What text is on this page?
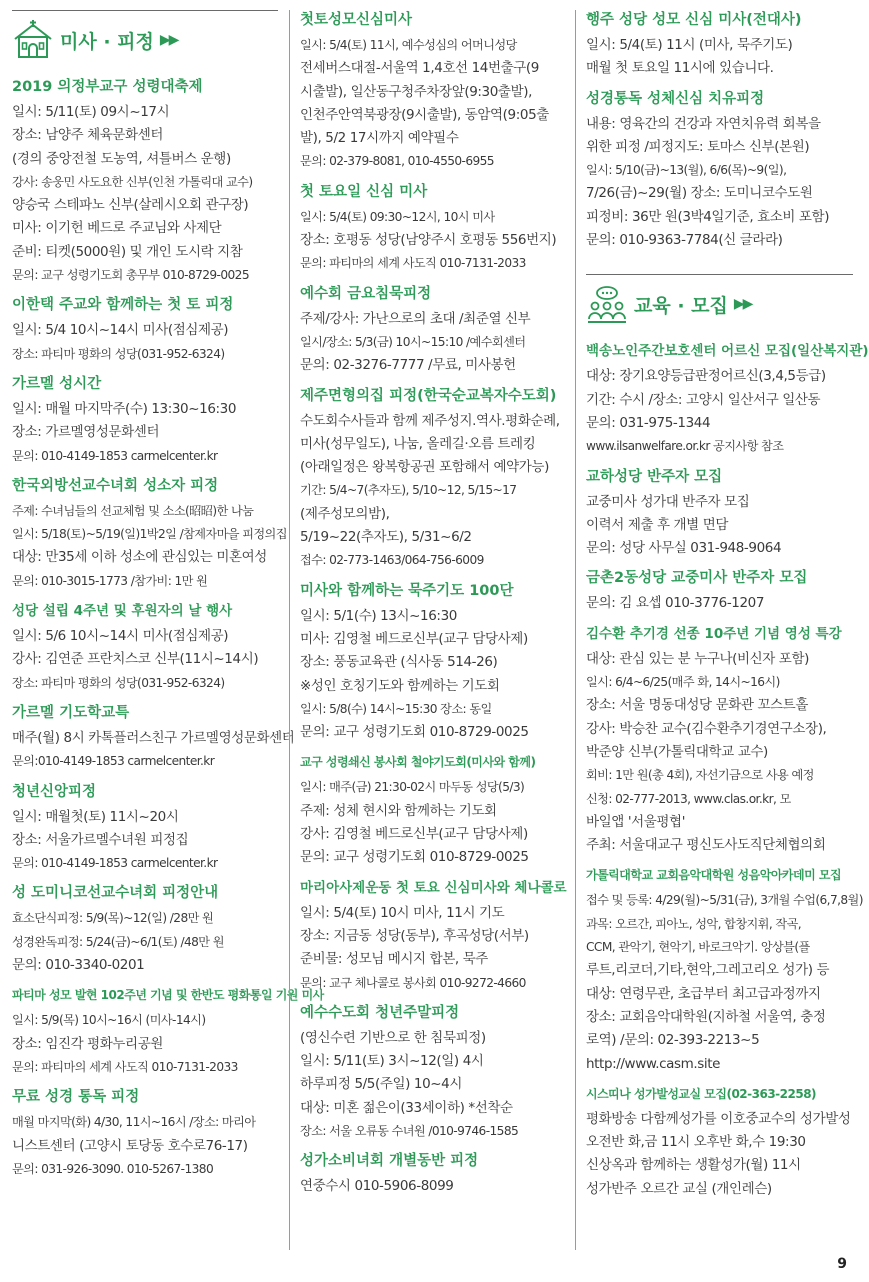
미사 · 피정 ▶▶
2019 의정부교구 성령대축제
일시: 5/11(토) 09시~17시
장소: 남양주 체육문화센터
(경의 중앙전철 도농역, 셔틀버스 운행)
강사: 송웅민 사도요한 신부(인천 가톨릭대 교수)
양승국 스테파노 신부(살레시오회 관구장)
미사: 이기헌 베드로 주교님와 사제단
준비: 티켓(5000원) 및 개인 도시락 지참
문의: 교구 성령기도회 총무부 010-8729-0025
이한택 주교와 함께하는 첫 토 피정
일시: 5/4 10시~14시 미사(점심제공)
장소: 파티마 평화의 성당(031-952-6324)
가르멜 성시간
일시: 매월 마지막주(수) 13:30~16:30
장소: 가르멜영성문화센터
문의: 010-4149-1853 carmelcenter.kr
한국외방선교수녀회 성소자 피정
주제: 수녀님들의 선교체험 및 소소(昭昭)한 나눔
일시: 5/18(토)~5/19(일)1박2일 /참제자마을 피정의집
대상: 만35세 이하 성소에 관심있는 미혼여성
문의: 010-3015-1773 /참가비: 1만 원
성당 설립 4주년 및 후원자의 날 행사
일시: 5/6 10시~14시 미사(점심제공)
강사: 김연준 프란치스코 신부(11시~14시)
장소: 파티마 평화의 성당(031-952-6324)
가르멜 기도학교특
매주(월) 8시 카톡플러스친구 가르멜영성문화센터
문의:010-4149-1853 carmelcenter.kr
청년신앙피정
일시: 매월첫(토) 11시~20시
장소: 서울가르멜수녀원 피정집
문의: 010-4149-1853 carmelcenter.kr
성 도미니코선교수녀회 피정안내
효소단식피정: 5/9(목)~12(일) /28만 원
성경완독피정: 5/24(금)~6/1(토) /48만 원
문의: 010-3340-0201
파티마 성모 발현 102주년 기념 및 한반도 평화통일 기원 미사
일시: 5/9(목) 10시~16시 (미사-14시)
장소: 임진각 평화누리공원
문의: 파티마의 세계 사도직 010-7131-2033
무료 성경 통독 피정
매월 마지막(화) 4/30, 11시~16시 /장소: 마리아
니스트센터 (고양시 토당동 호수로76-17)
문의: 031-926-3090. 010-5267-1380
첫토성모신심미사
일시: 5/4(토) 11시, 예수성심의 어머니성당
전세버스대절-서울역 1,4호선 14번출구(9
시출발), 일산동구청주차장앞(9:30출발),
인천주안역북광장(9시출발), 동암역(9:05출
발), 5/2 17시까지 예약필수
문의: 02-379-8081, 010-4550-6955
첫 토요일 신심 미사
일시: 5/4(토) 09:30~12시, 10시 미사
장소: 호평동 성당(남양주시 호평동 556번지)
문의: 파티마의 세계 사도직 010-7131-2033
예수회 금요침묵피정
주제/강사: 가난으로의 초대 /최준열 신부
일시/장소: 5/3(금) 10시~15:10 /예수회센터
문의: 02-3276-7777 /무료, 미사봉헌
제주면형의집 피정(한국순교복자수도회)
수도회수사들과 함께 제주성지.역사.평화순례,
미사(성무일도), 나눔, 올레길·오름 트레킹
(아래일정은 왕복항공권 포함해서 예약가능)
기간: 5/4~7(추자도), 5/10~12, 5/15~17
(제주성모의밤),
5/19~22(추자도), 5/31~6/2
접수: 02-773-1463/064-756-6009
미사와 함께하는 묵주기도 100단
일시: 5/1(수) 13시~16:30
미사: 김영철 베드로신부(교구 담당사제)
장소: 풍동교육관 (식사동 514-26)
※성인 호칭기도와 함께하는 기도회
일시: 5/8(수) 14시~15:30 장소: 동일
문의: 교구 성령기도회 010-8729-0025
교구 성령쇄신 봉사회 철야기도회(미사와 함께)
일시: 매주(금) 21:30-02시 마두동 성당(5/3)
주제: 성체 현시와 함께하는 기도회
강사: 김영철 베드로신부(교구 담당사제)
문의: 교구 성령기도회 010-8729-0025
마리아사제운동 첫 토요 신심미사와 체나콜로
일시: 5/4(토) 10시 미사, 11시 기도
장소: 지금동 성당(동부), 후곡성당(서부)
준비물: 성모님 메시지 합본, 묵주
문의: 교구 체나콜로 봉사회 010-9272-4660
예수수도회 청년주말피정
(영신수련 기반으로 한 침묵피정)
일시: 5/11(토) 3시~12(일) 4시
하루피정 5/5(주일) 10~4시
대상: 미혼 젊은이(33세이하) *선착순
장소: 서울 오류동 수녀원 /010-9746-1585
성가소비녀회 개별동반 피정
연중수시 010-5906-8099
행주 성당 성모 신심 미사(전대사)
일시: 5/4(토) 11시 (미사, 묵주기도)
매월 첫 토요일 11시에 있습니다.
성경통독 성체신심 치유피정
내용: 영육간의 건강과 자연치유력 회복을
위한 피정 /피정지도: 토마스 신부(본원)
일시: 5/10(금)~13(월), 6/6(목)~9(일),
7/26(금)~29(월) 장소: 도미니코수도원
피정비: 36만 원(3박4일기준, 효소비 포함)
문의: 010-9363-7784(신 글라라)
교육 · 모집 ▶▶
백송노인주간보호센터 어르신 모집(일산복지관)
대상: 장기요양등급판정어르신(3,4,5등급)
기간: 수시 /장소: 고양시 일산서구 일산동
문의: 031-975-1344
www.ilsanwelfare.or.kr 공지사항 참조
교하성당 반주자 모집
교중미사 성가대 반주자 모집
이력서 제출 후 개별 면담
문의: 성당 사무실 031-948-9064
금촌2동성당 교중미사 반주자 모집
문의: 김 요셉 010-3776-1207
김수환 추기경 선종 10주년 기념 영성 특강
대상: 관심 있는 분 누구나(비신자 포함)
일시: 6/4~6/25(매주 화, 14시~16시)
장소: 서울 명동대성당 문화관 꼬스트홀
강사: 박승찬 교수(김수환추기경연구소장),
박준양 신부(가톨릭대학교 교수)
회비: 1만 원(총 4회), 자선기금으로 사용 예정
신청: 02-777-2013, www.clas.or.kr, 모
바일앱 '서울평협'
주최: 서울대교구 평신도사도직단체협의회
가톨릭대학교 교회음악대학원 성음악아카데미 모집
접수 및 등록: 4/29(월)~5/31(금), 3개월 수업(6,7,8월)
과목: 오르간, 피아노, 성악, 합창지휘, 작곡,
CCM, 관악기, 현악기, 바로크악기. 앙상블(플
루트,리코더,기타,현악,그레고리오 성가) 등
대상: 연령무관, 초급부터 최고급과정까지
장소: 교회음악대학원(지하철 서울역, 충정
로역) /문의: 02-393-2213~5
http://www.casm.site
시스띠나 성가발성교실 모집(02-363-2258)
평화방송 다함께성가를 이호중교수의 성가발성
오전반 화,금 11시 오후반 화,수 19:30
신상옥과 함께하는 생활성가(월) 11시
성가반주 오르간 교실 (개인레슨)
9
